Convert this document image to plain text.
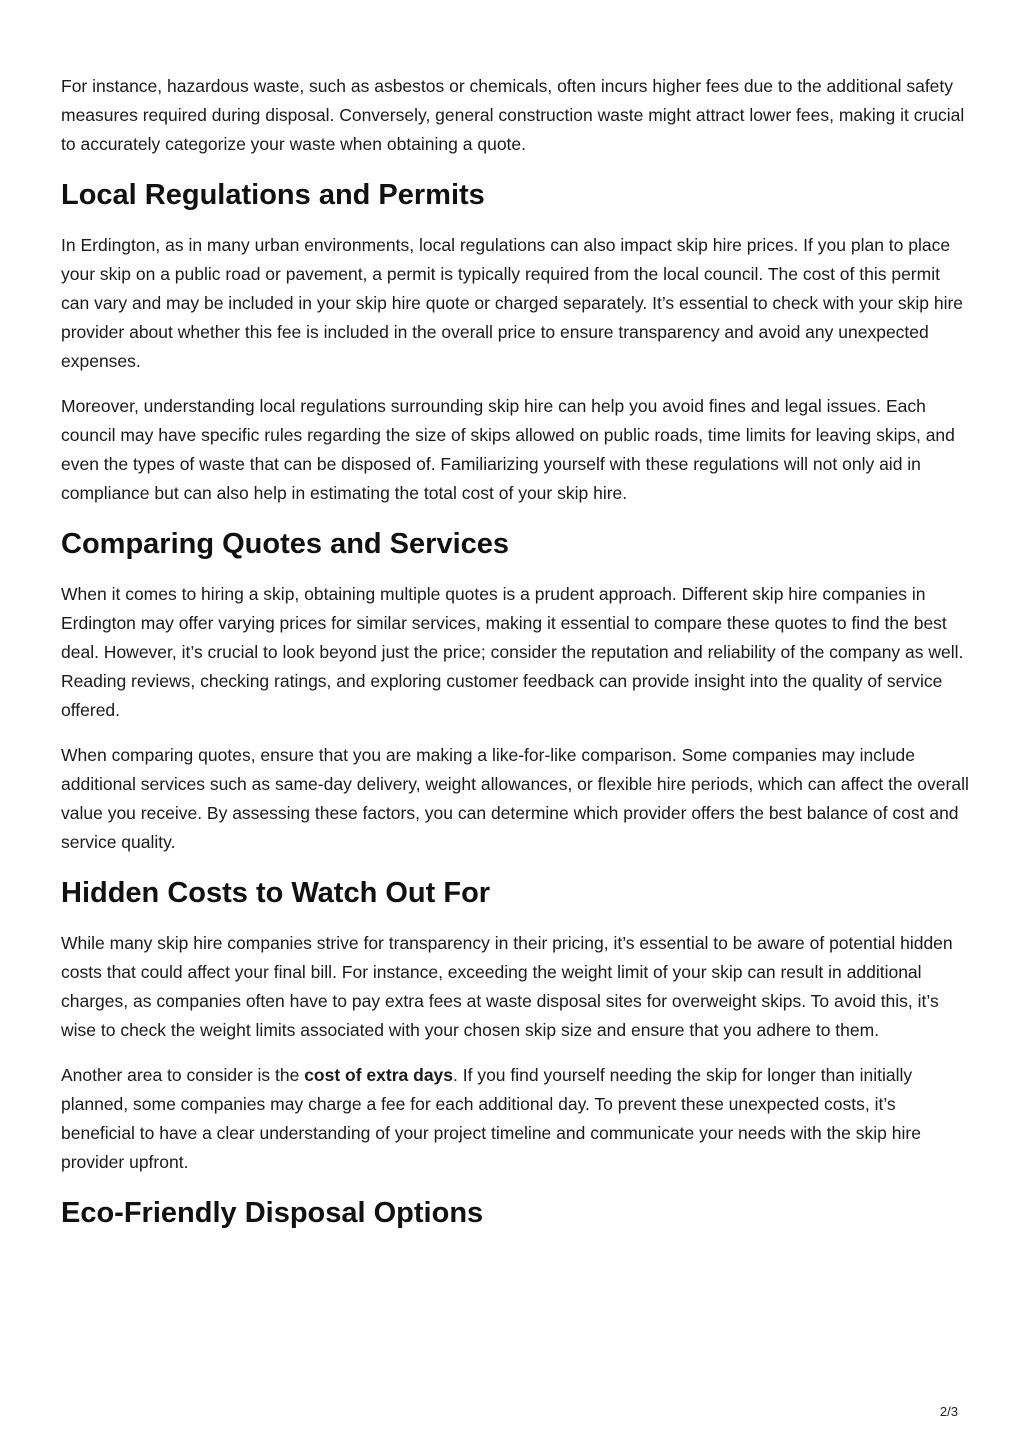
For instance, hazardous waste, such as asbestos or chemicals, often incurs higher fees due to the additional safety measures required during disposal. Conversely, general construction waste might attract lower fees, making it crucial to accurately categorize your waste when obtaining a quote.

Local Regulations and Permits

In Erdington, as in many urban environments, local regulations can also impact skip hire prices. If you plan to place your skip on a public road or pavement, a permit is typically required from the local council. The cost of this permit can vary and may be included in your skip hire quote or charged separately. It’s essential to check with your skip hire provider about whether this fee is included in the overall price to ensure transparency and avoid any unexpected expenses.

Moreover, understanding local regulations surrounding skip hire can help you avoid fines and legal issues. Each council may have specific rules regarding the size of skips allowed on public roads, time limits for leaving skips, and even the types of waste that can be disposed of. Familiarizing yourself with these regulations will not only aid in compliance but can also help in estimating the total cost of your skip hire.

Comparing Quotes and Services

When it comes to hiring a skip, obtaining multiple quotes is a prudent approach. Different skip hire companies in Erdington may offer varying prices for similar services, making it essential to compare these quotes to find the best deal. However, it’s crucial to look beyond just the price; consider the reputation and reliability of the company as well. Reading reviews, checking ratings, and exploring customer feedback can provide insight into the quality of service offered.

When comparing quotes, ensure that you are making a like-for-like comparison. Some companies may include additional services such as same-day delivery, weight allowances, or flexible hire periods, which can affect the overall value you receive. By assessing these factors, you can determine which provider offers the best balance of cost and service quality.

Hidden Costs to Watch Out For

While many skip hire companies strive for transparency in their pricing, it’s essential to be aware of potential hidden costs that could affect your final bill. For instance, exceeding the weight limit of your skip can result in additional charges, as companies often have to pay extra fees at waste disposal sites for overweight skips. To avoid this, it’s wise to check the weight limits associated with your chosen skip size and ensure that you adhere to them.

Another area to consider is the cost of extra days. If you find yourself needing the skip for longer than initially planned, some companies may charge a fee for each additional day. To prevent these unexpected costs, it’s beneficial to have a clear understanding of your project timeline and communicate your needs with the skip hire provider upfront.

Eco-Friendly Disposal Options
2/3
